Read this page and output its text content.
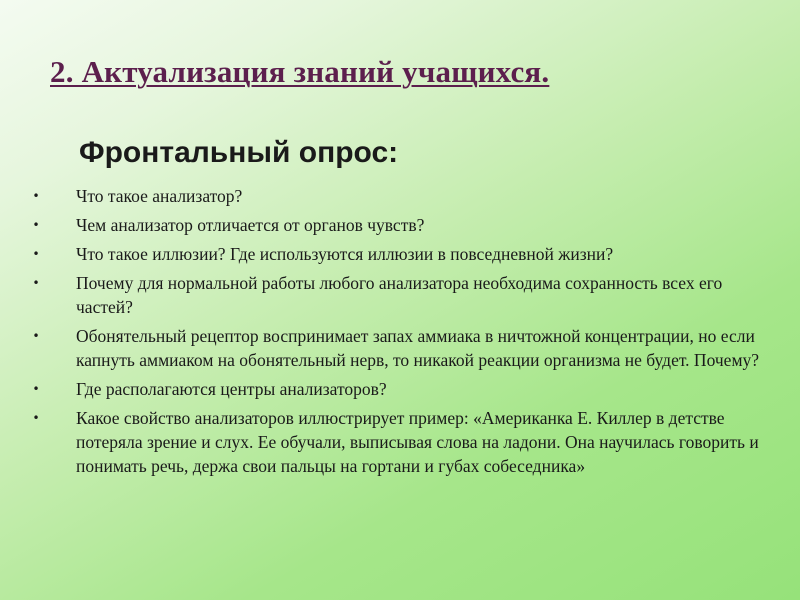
2. Актуализация знаний учащихся.
Фронтальный опрос:
• Что такое анализатор?
• Чем анализатор отличается от органов чувств?
• Что такое иллюзии? Где используются иллюзии в повседневной жизни?
• Почему для нормальной работы любого анализатора необходима сохранность всех его частей?
• Обонятельный рецептор воспринимает запах аммиака в ничтожной концентрации, но если капнуть аммиаком на обонятельный нерв, то никакой реакции организма не будет. Почему?
• Где располагаются центры анализаторов?
• Какое свойство анализаторов иллюстрирует пример: «Американка Е. Киллер в детстве потеряла зрение и слух. Ее обучали, выписывая слова на ладони. Она научилась говорить и понимать речь, держа свои пальцы на гортани и губах собеседника»
